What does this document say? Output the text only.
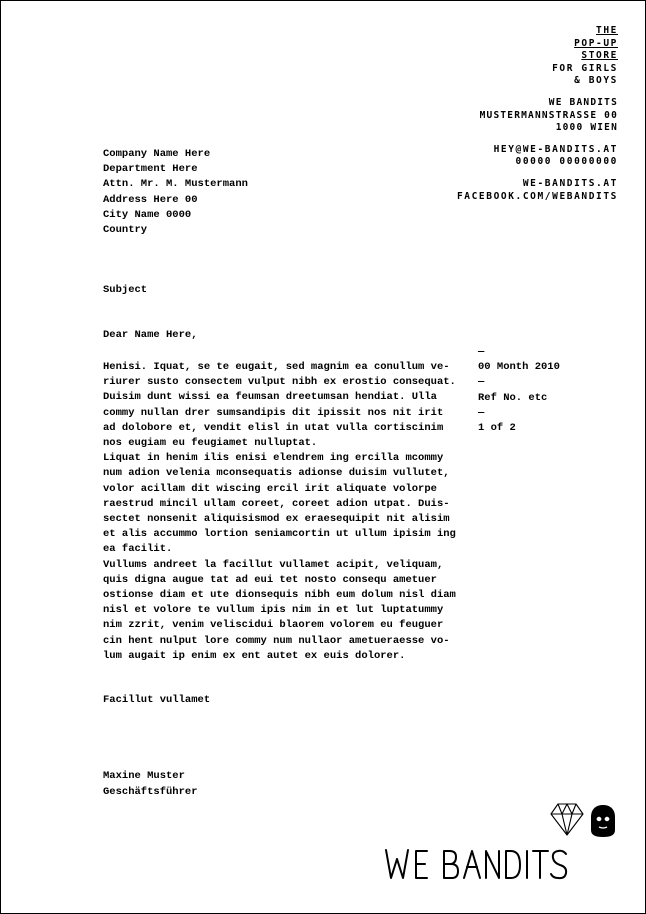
THE
POP-UP
STORE
FOR GIRLS
& BOYS
WE BANDITS
MUSTERMANNSTRASSE 00
1000 WIEN
HEY@WE-BANDITS.AT
00000 00000000
WE-BANDITS.AT
FACEBOOK.COM/WEBANDITS
Company Name Here
Department Here
Attn. Mr. M. Mustermann
Address Here 00
City Name 0000
Country
Subject
Dear Name Here,
Henisi. Iquat, se te eugait, sed magnim ea conullum ve-
riurer susto consectem vulput nibh ex erostio consequat.
Duisim dunt wissi ea feumsan dreetumsan hendiat. Ulla
commy nullan drer sumsandipis dit ipissit nos nit irit
ad dolobore et, vendit elisl in utat vulla cortiscinim
nos eugiam eu feugiamet nulluptat.
Liquat in henim ilis enisi elendrem ing ercilla mcommy
num adion velenia mconsequatis adionse duisim vullutet,
volor acillam dit wiscing ercil irit aliquate volorpe
raestrud mincil ullam coreet, coreet adion utpat. Duis-
sectet nonsenit aliquisismod ex eraesequipit nit alisim
et alis accummo lortion seniamcortin ut ullum ipisim ing
ea facilit.
Vullums andreet la facillut vullamet acipit, veliquam,
quis digna augue tat ad eui tet nosto consequ ametuer
ostionse diam et ute dionsequis nibh eum dolum nisl diam
nisl et volore te vullum ipis nim in et lut luptatummy
nim zzrit, venim veliscidui blaorem volorem eu feuguer
cin hent nulput lore commy num nullaor ametueraesse vo-
lum augait ip enim ex ent autet ex euis dolorer.
—
00 Month 2010
—
Ref No. etc
—
1 of 2
Facillut vullamet
Maxine Muster
Geschäftsführer
